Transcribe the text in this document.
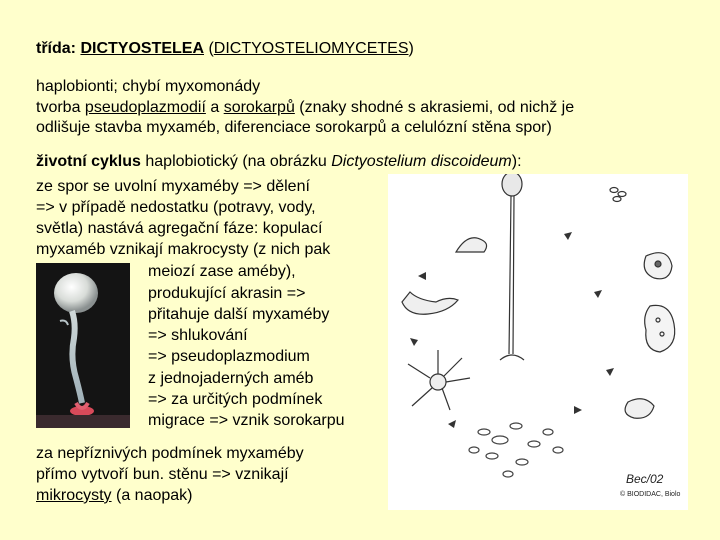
třída: DICTYOSTELEA (DICTYOSTELIOMYCETES)
haplobionti; chybí myxomonády
tvorba pseudoplazmodií a sorokarpů (znaky shodné s akrasiemi, od nichž je
odlišuje stavba myxaméb, diferenciace sorokarpů a celulózní stěna spor)
životní cyklus haplobiotický (na obrázku Dictyostelium discoideum):
ze spor se uvolní myxaméby => dělení
=> v případě nedostatku (potravy, vody,
světla) nastává agregační fáze: kopulací
myxaméb vznikají makrocysty (z nich pak
meiozí zase améby),
produkující akrasin =>
přitahuje další myxaméby
=> shlukování
=> pseudoplazmodium
z jednojaderných améb
=> za určitých podmínek
migrace => vznik sorokarpu
za nepříznivých podmínek myxaméby
přímo vytvoří bun. stěnu => vznikají
mikrocysty (a naopak)
Bec/02
© BIODIDAC, Biolo
